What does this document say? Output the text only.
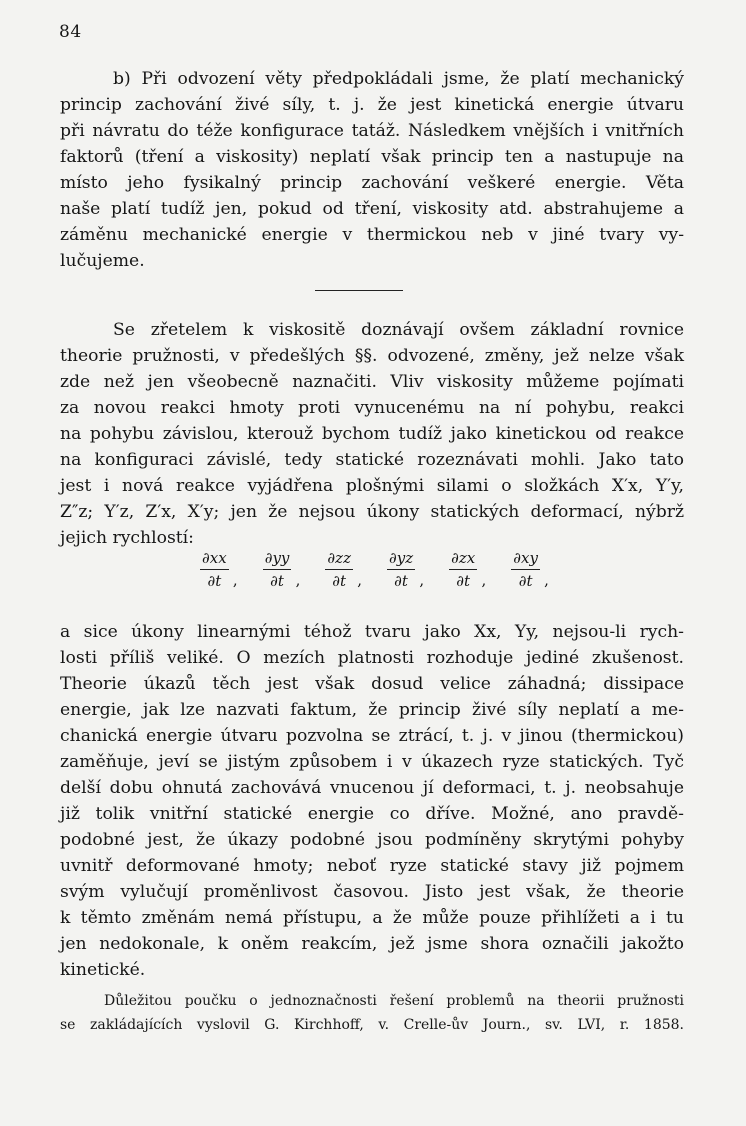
84
b) Při odvození věty předpokládali jsme, že platí mechanický
princip zachování živé síly, t. j. že jest kinetická energie útvaru
při návratu do téže konfigurace tatáž. Následkem vnějších i vnitřních
faktorů (tření a viskosity) neplatí však princip ten a nastupuje na
místo jeho fysikalný princip zachování veškeré energie. Věta
naše platí tudíž jen, pokud od tření, viskosity atd. abstrahujeme a
záměnu mechanické energie v thermickou neb v jiné tvary vy-
lučujeme.
Se zřetelem k viskositě doznávají ovšem základní rovnice
theorie pružnosti, v předešlých §§. odvozené, změny, jež nelze však
zde než jen všeobecně naznačiti. Vliv viskosity můžeme pojímati
za novou reakci hmoty proti vynucenému na ní pohybu, reakci
na pohybu závislou, kterouž bychom tudíž jako kinetickou od reakce
na konfiguraci závislé, tedy statické rozeznávati mohli. Jako tato
jest i nová reakce vyjádřena plošnými silami o složkách X′x, Y′y,
Z″z; Y′z, Z′x, X′y; jen že nejsou úkony statických deformací, nýbrž
jejich rychlostí:
∂xx
∂t ,
∂yy
∂t ,
∂zz
∂t ,
∂yz
∂t ,
∂zx
∂t ,
∂xy
∂t ,
a sice úkony linearnými téhož tvaru jako Xx, Yy, nejsou-li rych-
losti příliš veliké. O mezích platnosti rozhoduje jediné zkušenost.
Theorie úkazů těch jest však dosud velice záhadná; dissipace
energie, jak lze nazvati faktum, že princip živé síly neplatí a me-
chanická energie útvaru pozvolna se ztrácí, t. j. v jinou (thermickou)
zaměňuje, jeví se jistým způsobem i v úkazech ryze statických. Tyč
delší dobu ohnutá zachovává vnucenou jí deformaci, t. j. neobsahuje
již tolik vnitřní statické energie co dříve. Možné, ano pravdě-
podobné jest, že úkazy podobné jsou podmíněny skrytými pohyby
uvnitř deformované hmoty; neboť ryze statické stavy již pojmem
svým vylučují proměnlivost časovou. Jisto jest však, že theorie
k těmto změnám nemá přístupu, a že může pouze přihlížeti a i tu
jen nedokonale, k oněm reakcím, jež jsme shora označili jakožto
kinetické.
Důležitou poučku o jednoznačnosti řešení problemů na theorii pružnosti
se zakládajících vyslovil G. Kirchhoff, v. Crelle-ův Journ., sv. LVI, r. 1858.
